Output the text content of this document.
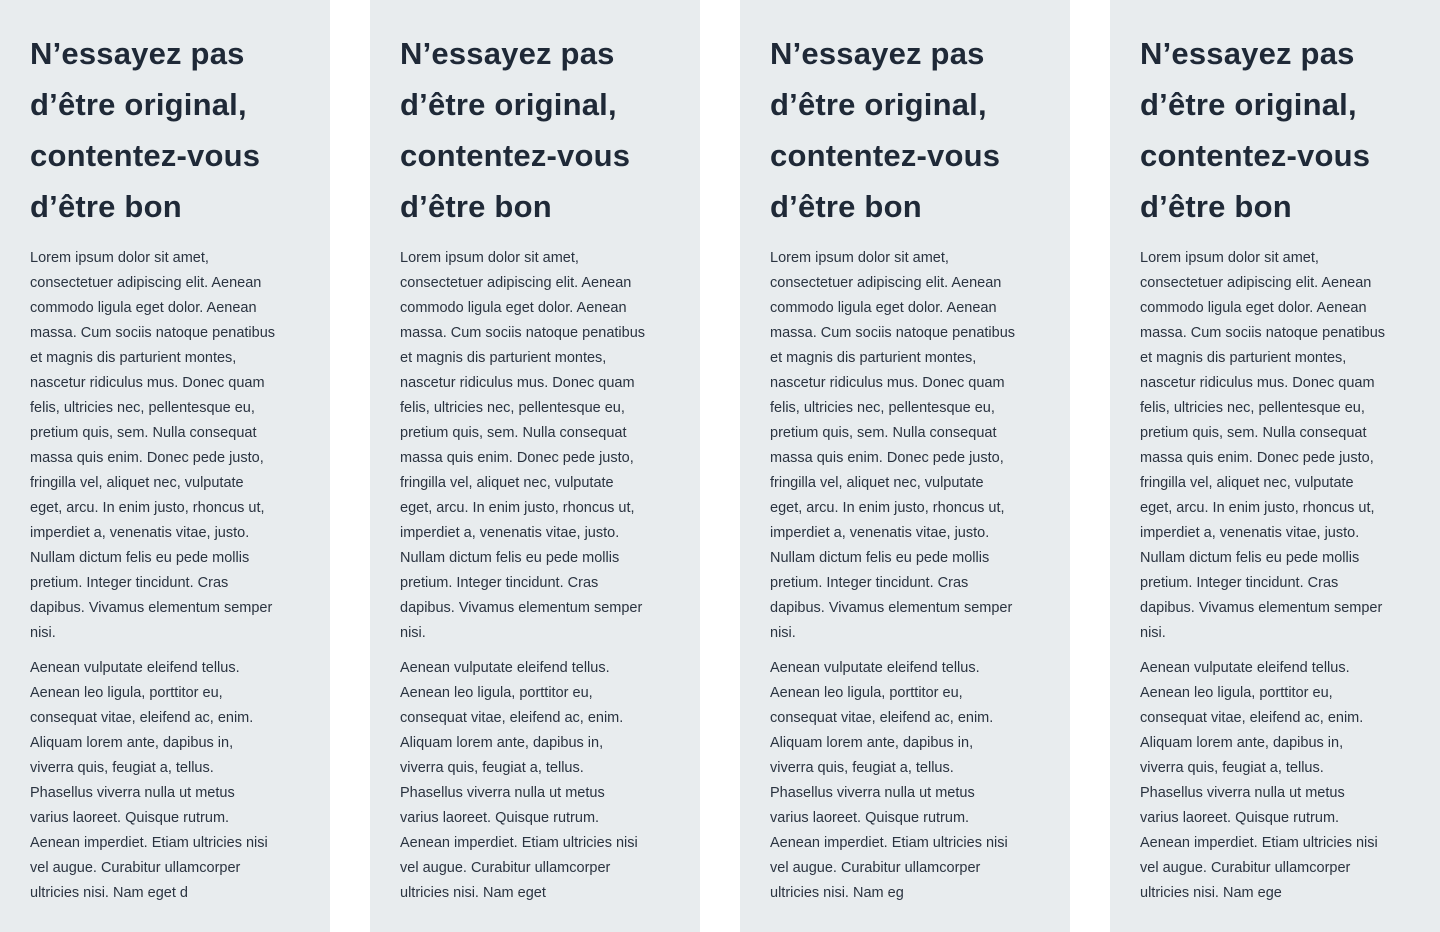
N’essayez pas
d’être original,
contentez-vous
d’être bon

Lorem ipsum dolor sit amet,
consectetuer adipiscing elit. Aenean
commodo ligula eget dolor. Aenean
massa. Cum sociis natoque penatibus
et magnis dis parturient montes,
nascetur ridiculus mus. Donec quam
felis, ultricies nec, pellentesque eu,
pretium quis, sem. Nulla consequat
massa quis enim. Donec pede justo,
fringilla vel, aliquet nec, vulputate
eget, arcu. In enim justo, rhoncus ut,
imperdiet a, venenatis vitae, justo.
Nullam dictum felis eu pede mollis
pretium. Integer tincidunt. Cras
dapibus. Vivamus elementum semper
nisi.

Aenean vulputate eleifend tellus.
Aenean leo ligula, porttitor eu,
consequat vitae, eleifend ac, enim.
Aliquam lorem ante, dapibus in,
viverra quis, feugiat a, tellus.
Phasellus viverra nulla ut metus
varius laoreet. Quisque rutrum.
Aenean imperdiet. Etiam ultricies nisi
vel augue. Curabitur ullamcorper
ultricies nisi. Nam eget d

N’essayez pas
d’être original,
contentez-vous
d’être bon

Lorem ipsum dolor sit amet,
consectetuer adipiscing elit. Aenean
commodo ligula eget dolor. Aenean
massa. Cum sociis natoque penatibus
et magnis dis parturient montes,
nascetur ridiculus mus. Donec quam
felis, ultricies nec, pellentesque eu,
pretium quis, sem. Nulla consequat
massa quis enim. Donec pede justo,
fringilla vel, aliquet nec, vulputate
eget, arcu. In enim justo, rhoncus ut,
imperdiet a, venenatis vitae, justo.
Nullam dictum felis eu pede mollis
pretium. Integer tincidunt. Cras
dapibus. Vivamus elementum semper
nisi.

Aenean vulputate eleifend tellus.
Aenean leo ligula, porttitor eu,
consequat vitae, eleifend ac, enim.
Aliquam lorem ante, dapibus in,
viverra quis, feugiat a, tellus.
Phasellus viverra nulla ut metus
varius laoreet. Quisque rutrum.
Aenean imperdiet. Etiam ultricies nisi
vel augue. Curabitur ullamcorper
ultricies nisi. Nam eget

N’essayez pas
d’être original,
contentez-vous
d’être bon

Lorem ipsum dolor sit amet,
consectetuer adipiscing elit. Aenean
commodo ligula eget dolor. Aenean
massa. Cum sociis natoque penatibus
et magnis dis parturient montes,
nascetur ridiculus mus. Donec quam
felis, ultricies nec, pellentesque eu,
pretium quis, sem. Nulla consequat
massa quis enim. Donec pede justo,
fringilla vel, aliquet nec, vulputate
eget, arcu. In enim justo, rhoncus ut,
imperdiet a, venenatis vitae, justo.
Nullam dictum felis eu pede mollis
pretium. Integer tincidunt. Cras
dapibus. Vivamus elementum semper
nisi.

Aenean vulputate eleifend tellus.
Aenean leo ligula, porttitor eu,
consequat vitae, eleifend ac, enim.
Aliquam lorem ante, dapibus in,
viverra quis, feugiat a, tellus.
Phasellus viverra nulla ut metus
varius laoreet. Quisque rutrum.
Aenean imperdiet. Etiam ultricies nisi
vel augue. Curabitur ullamcorper
ultricies nisi. Nam eg

N’essayez pas
d’être original,
contentez-vous
d’être bon

Lorem ipsum dolor sit amet,
consectetuer adipiscing elit. Aenean
commodo ligula eget dolor. Aenean
massa. Cum sociis natoque penatibus
et magnis dis parturient montes,
nascetur ridiculus mus. Donec quam
felis, ultricies nec, pellentesque eu,
pretium quis, sem. Nulla consequat
massa quis enim. Donec pede justo,
fringilla vel, aliquet nec, vulputate
eget, arcu. In enim justo, rhoncus ut,
imperdiet a, venenatis vitae, justo.
Nullam dictum felis eu pede mollis
pretium. Integer tincidunt. Cras
dapibus. Vivamus elementum semper
nisi.

Aenean vulputate eleifend tellus.
Aenean leo ligula, porttitor eu,
consequat vitae, eleifend ac, enim.
Aliquam lorem ante, dapibus in,
viverra quis, feugiat a, tellus.
Phasellus viverra nulla ut metus
varius laoreet. Quisque rutrum.
Aenean imperdiet. Etiam ultricies nisi
vel augue. Curabitur ullamcorper
ultricies nisi. Nam ege
